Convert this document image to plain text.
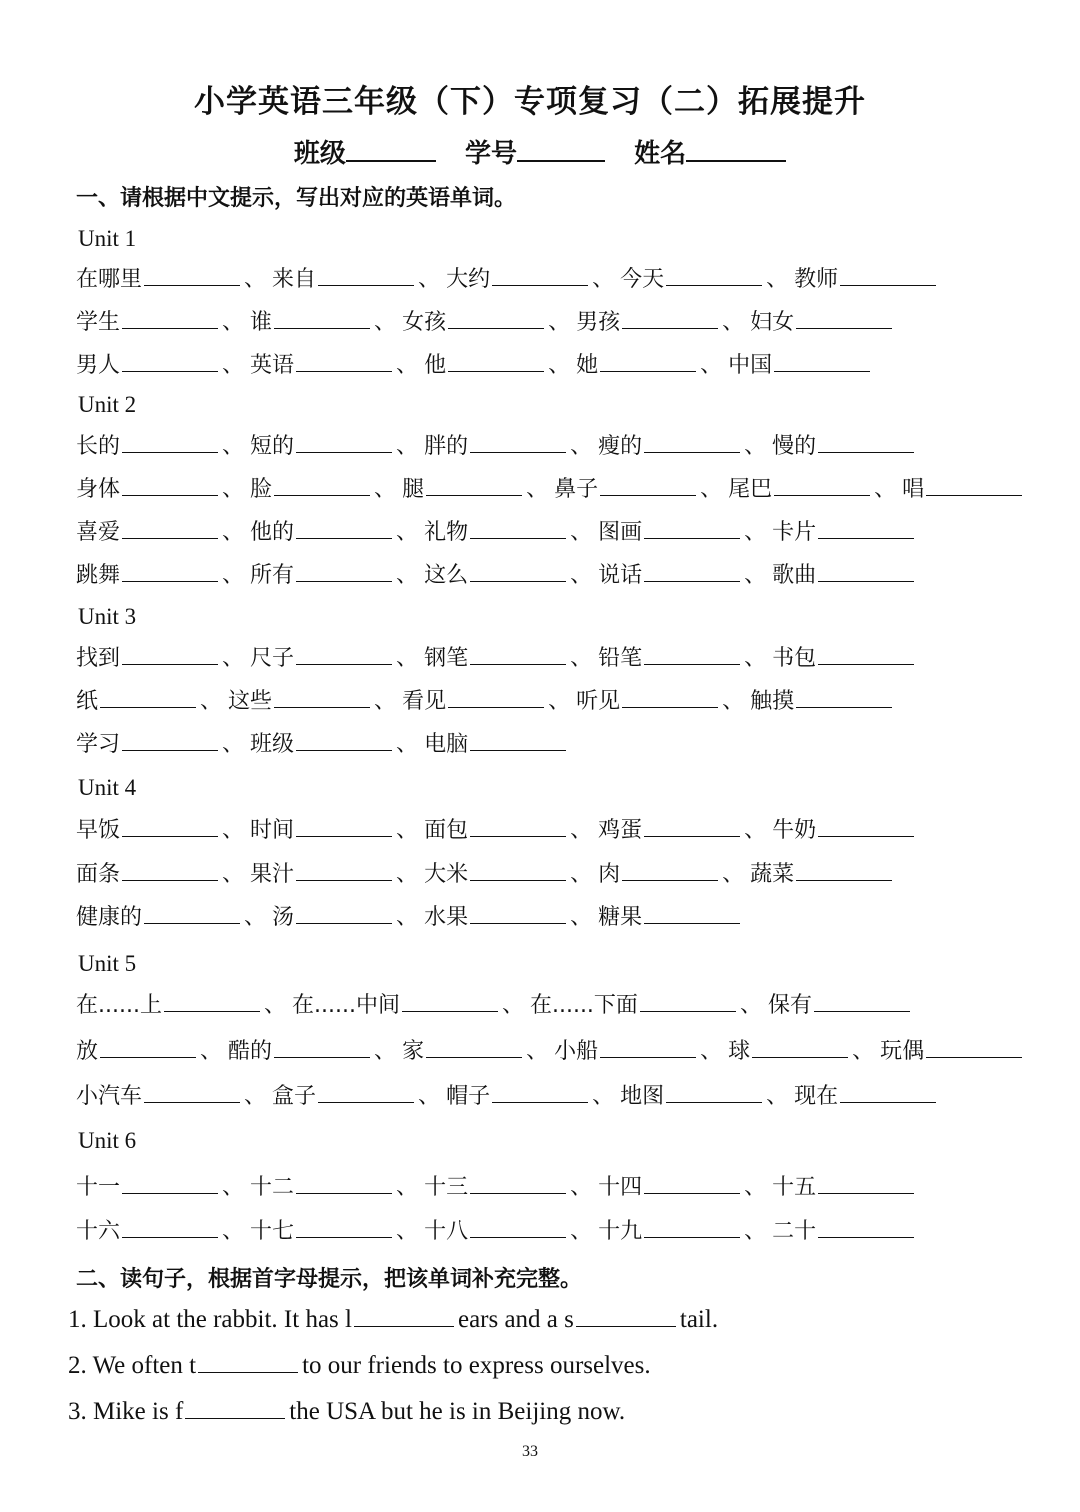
小学英语三年级（下）专项复习（二）拓展提升
班级	学号	姓名
一、请根据中文提示，写出对应的英语单词。
Unit 1
在哪里	、 来自	、 大约	、 今天	、 教师
学生	、 谁	、 女孩	、 男孩	、 妇女
男人	、 英语	、 他	、 她	、 中国
Unit 2
长的	、 短的	、 胖的	、 瘦的	、 慢的
身体	、 脸	、 腿	、 鼻子	、 尾巴	、 唱
喜爱	、 他的	、 礼物	、 图画	、 卡片
跳舞	、 所有	、 这么	、 说话	、 歌曲
Unit 3
找到	、 尺子	、 钢笔	、 铅笔	、 书包
纸	、 这些	、 看见	、 听见	、 触摸
学习	、 班级	、 电脑
Unit 4
早饭	、 时间	、 面包	、 鸡蛋	、 牛奶
面条	、 果汁	、 大米	、 肉	、 蔬菜
健康的	、 汤	、 水果	、 糖果
Unit 5
在......上	、 在......中间	、 在......下面	、 保有
放	、 酷的	、 家	、 小船	、 球	、 玩偶
小汽车	、 盒子	、 帽子	、 地图	、 现在
Unit 6
十一	、 十二	、 十三	、 十四	、 十五
十六	、 十七	、 十八	、 十九	、 二十
二、读句子，根据首字母提示，把该单词补充完整。
1. Look at the rabbit. It has l	ears and a s	tail.
2. We often t	to our friends to express ourselves.
3. Mike is f	the USA but he is in Beijing now.
33
